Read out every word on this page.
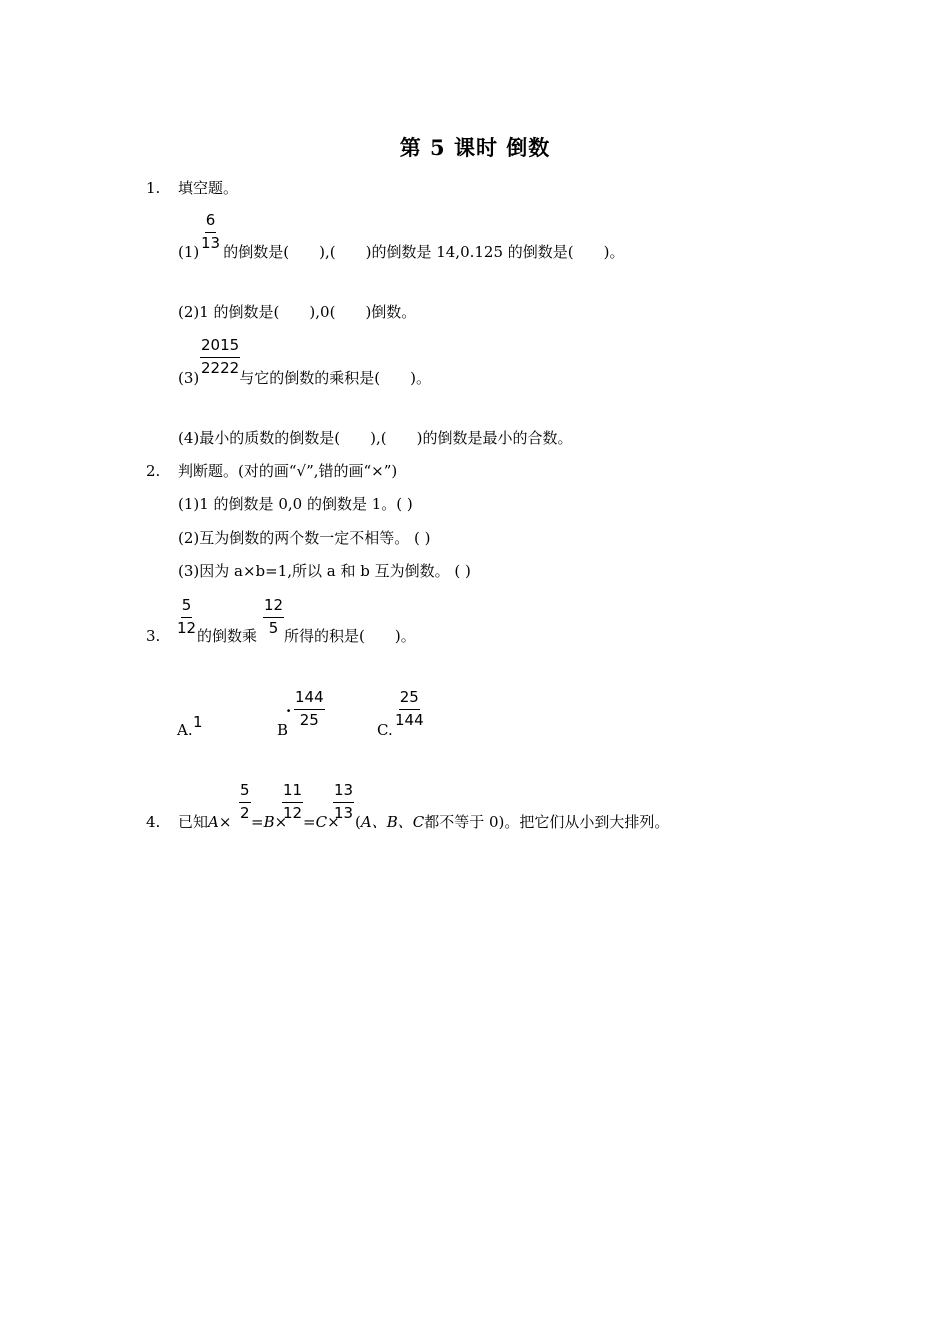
第 5 课时 倒数
1. 填空题。
$\frac{6}{13}$
(1) 的倒数是( ),( )的倒数是 14,0.125 的倒数是( )。
(2)1 的倒数是( ),0( )倒数。
$\frac{2015}{2222}$
(3)	与它的倒数的乘积是( )。
(4)最小的质数的倒数是( ),( )的倒数是最小的合数。
2. 判断题。(对的画“√”,错的画“×”)
(1)1 的倒数是 0,0 的倒数是 1。( )
(2)互为倒数的两个数一定不相等。 ( )
(3)因为 a×b=1,所以 a 和 b 互为倒数。 ( )
$\frac{5}{12}$	$\frac{12}{5}$
3. 的倒数乘 所得的积是( )。
A. 1	B
· $\frac{144}{25}$
C.
$\frac{25}{144}$
$\frac{5}{2} \frac{11}{12} \frac{13}{13}$
4. 已知A× =B× =C× (A、B、C都不等于 0)。把它们从小到大排列。
